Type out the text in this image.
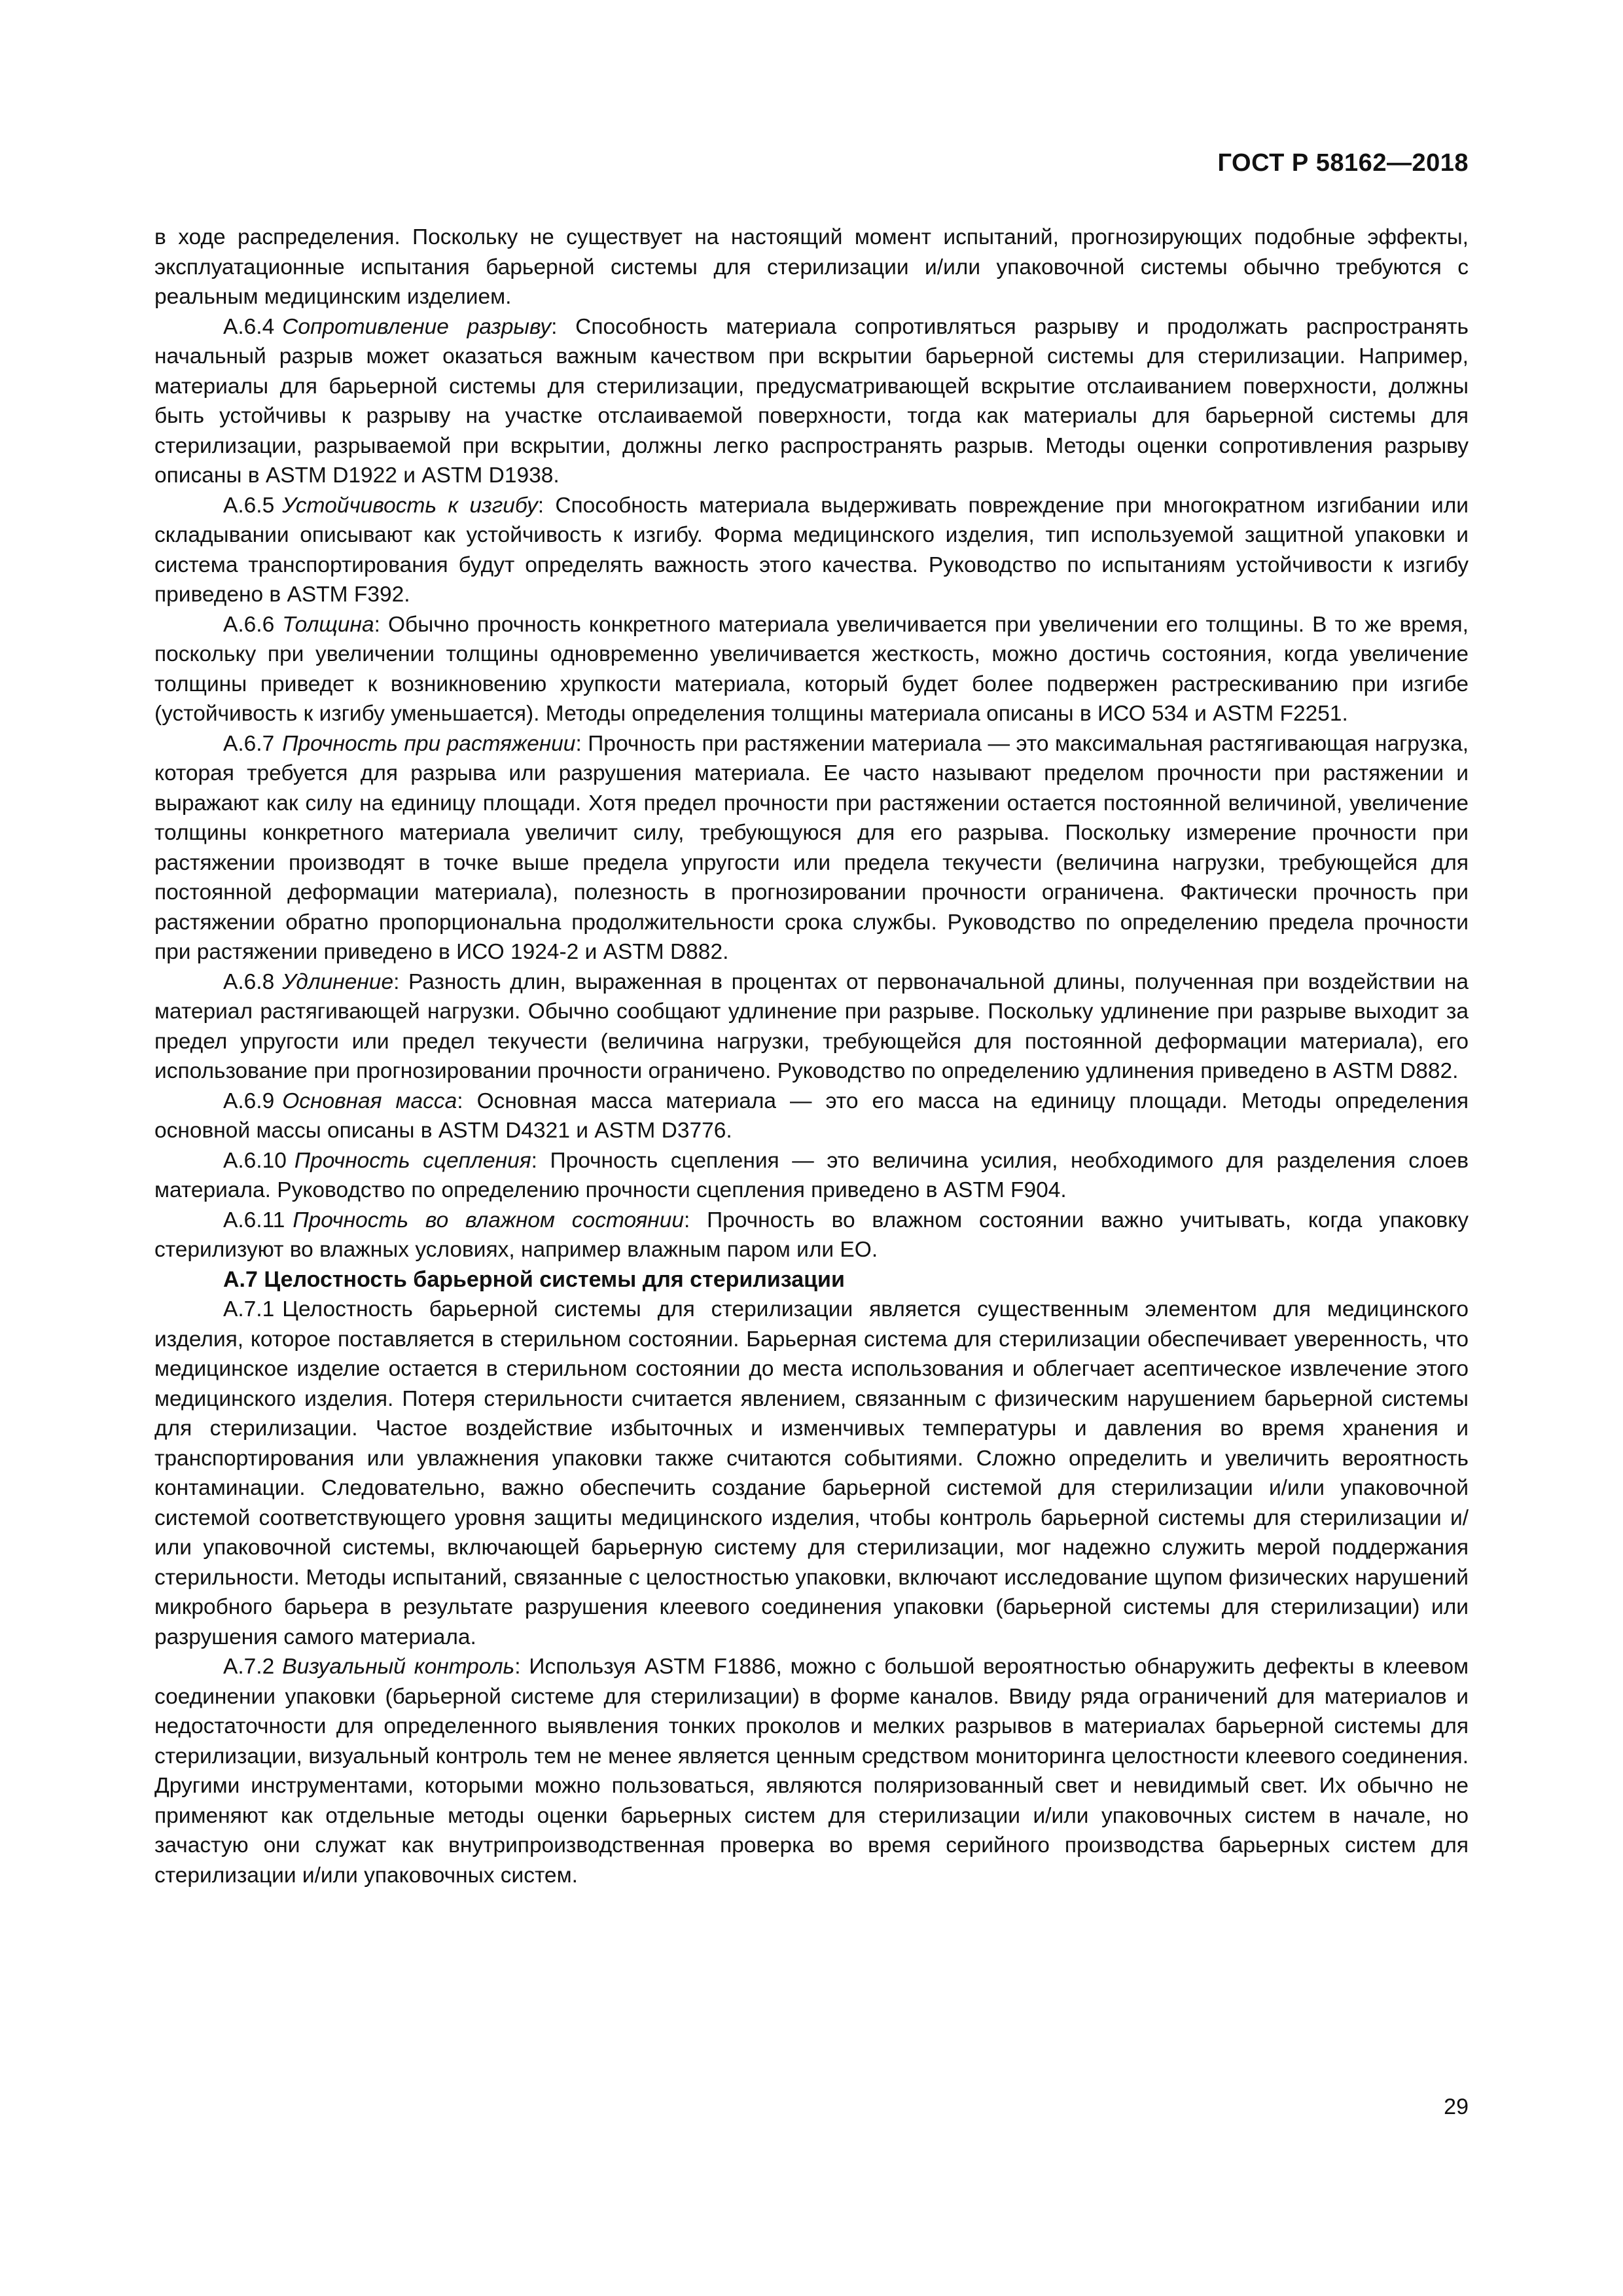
ГОСТ Р 58162—2018

в ходе распределения. Поскольку не существует на настоящий момент испытаний, прогнозирующих подобные эффекты, эксплуатационные испытания барьерной системы для стерилизации и/или упаковочной системы обычно требуются с реальным медицинским изделием.

А.6.4 Сопротивление разрыву: Способность материала сопротивляться разрыву и продолжать распространять начальный разрыв может оказаться важным качеством при вскрытии барьерной системы для стерилизации. Например, материалы для барьерной системы для стерилизации, предусматривающей вскрытие отслаиванием поверхности, должны быть устойчивы к разрыву на участке отслаиваемой поверхности, тогда как материалы для барьерной системы для стерилизации, разрываемой при вскрытии, должны легко распространять разрыв. Методы оценки сопротивления разрыву описаны в ASTM D1922 и ASTM D1938.

А.6.5 Устойчивость к изгибу: Способность материала выдерживать повреждение при многократном изгибании или складывании описывают как устойчивость к изгибу. Форма медицинского изделия, тип используемой защитной упаковки и система транспортирования будут определять важность этого качества. Руководство по испытаниям устойчивости к изгибу приведено в ASTM F392.

А.6.6 Толщина: Обычно прочность конкретного материала увеличивается при увеличении его толщины. В то же время, поскольку при увеличении толщины одновременно увеличивается жесткость, можно достичь состояния, когда увеличение толщины приведет к возникновению хрупкости материала, который будет более подвержен растрескиванию при изгибе (устойчивость к изгибу уменьшается). Методы определения толщины материала описаны в ИСО 534 и ASTM F2251.

А.6.7 Прочность при растяжении: Прочность при растяжении материала — это максимальная растягивающая нагрузка, которая требуется для разрыва или разрушения материала. Ее часто называют пределом прочности при растяжении и выражают как силу на единицу площади. Хотя предел прочности при растяжении остается постоянной величиной, увеличение толщины конкретного материала увеличит силу, требующуюся для его разрыва. Поскольку измерение прочности при растяжении производят в точке выше предела упругости или предела текучести (величина нагрузки, требующейся для постоянной деформации материала), полезность в прогнозировании прочности ограничена. Фактически прочность при растяжении обратно пропорциональна продолжительности срока службы. Руководство по определению предела прочности при растяжении приведено в ИСО 1924-2 и ASTM D882.

А.6.8 Удлинение: Разность длин, выраженная в процентах от первоначальной длины, полученная при воздействии на материал растягивающей нагрузки. Обычно сообщают удлинение при разрыве. Поскольку удлинение при разрыве выходит за предел упругости или предел текучести (величина нагрузки, требующейся для постоянной деформации материала), его использование при прогнозировании прочности ограничено. Руководство по определению удлинения приведено в ASTM D882.

А.6.9 Основная масса: Основная масса материала — это его масса на единицу площади. Методы определения основной массы описаны в ASTM D4321 и ASTM D3776.

А.6.10 Прочность сцепления: Прочность сцепления — это величина усилия, необходимого для разделения слоев материала. Руководство по определению прочности сцепления приведено в ASTM F904.

А.6.11 Прочность во влажном состоянии: Прочность во влажном состоянии важно учитывать, когда упаковку стерилизуют во влажных условиях, например влажным паром или ЕО.

А.7 Целостность барьерной системы для стерилизации

А.7.1 Целостность барьерной системы для стерилизации является существенным элементом для медицинского изделия, которое поставляется в стерильном состоянии. Барьерная система для стерилизации обеспечивает уверенность, что медицинское изделие остается в стерильном состоянии до места использования и облегчает асептическое извлечение этого медицинского изделия. Потеря стерильности считается явлением, связанным с физическим нарушением барьерной системы для стерилизации. Частое воздействие избыточных и изменчивых температуры и давления во время хранения и транспортирования или увлажнения упаковки также считаются событиями. Сложно определить и увеличить вероятность контаминации. Следовательно, важно обеспечить создание барьерной системой для стерилизации и/или упаковочной системой соответствующего уровня защиты медицинского изделия, чтобы контроль барьерной системы для стерилизации и/или упаковочной системы, включающей барьерную систему для стерилизации, мог надежно служить мерой поддержания стерильности. Методы испытаний, связанные с целостностью упаковки, включают исследование щупом физических нарушений микробного барьера в результате разрушения клеевого соединения упаковки (барьерной системы для стерилизации) или разрушения самого материала.

А.7.2 Визуальный контроль: Используя ASTM F1886, можно с большой вероятностью обнаружить дефекты в клеевом соединении упаковки (барьерной системе для стерилизации) в форме каналов. Ввиду ряда ограничений для материалов и недостаточности для определенного выявления тонких проколов и мелких разрывов в материалах барьерной системы для стерилизации, визуальный контроль тем не менее является ценным средством мониторинга целостности клеевого соединения. Другими инструментами, которыми можно пользоваться, являются поляризованный свет и невидимый свет. Их обычно не применяют как отдельные методы оценки барьерных систем для стерилизации и/или упаковочных систем в начале, но зачастую они служат как внутрипроизводственная проверка во время серийного производства барьерных систем для стерилизации и/или упаковочных систем.

29
